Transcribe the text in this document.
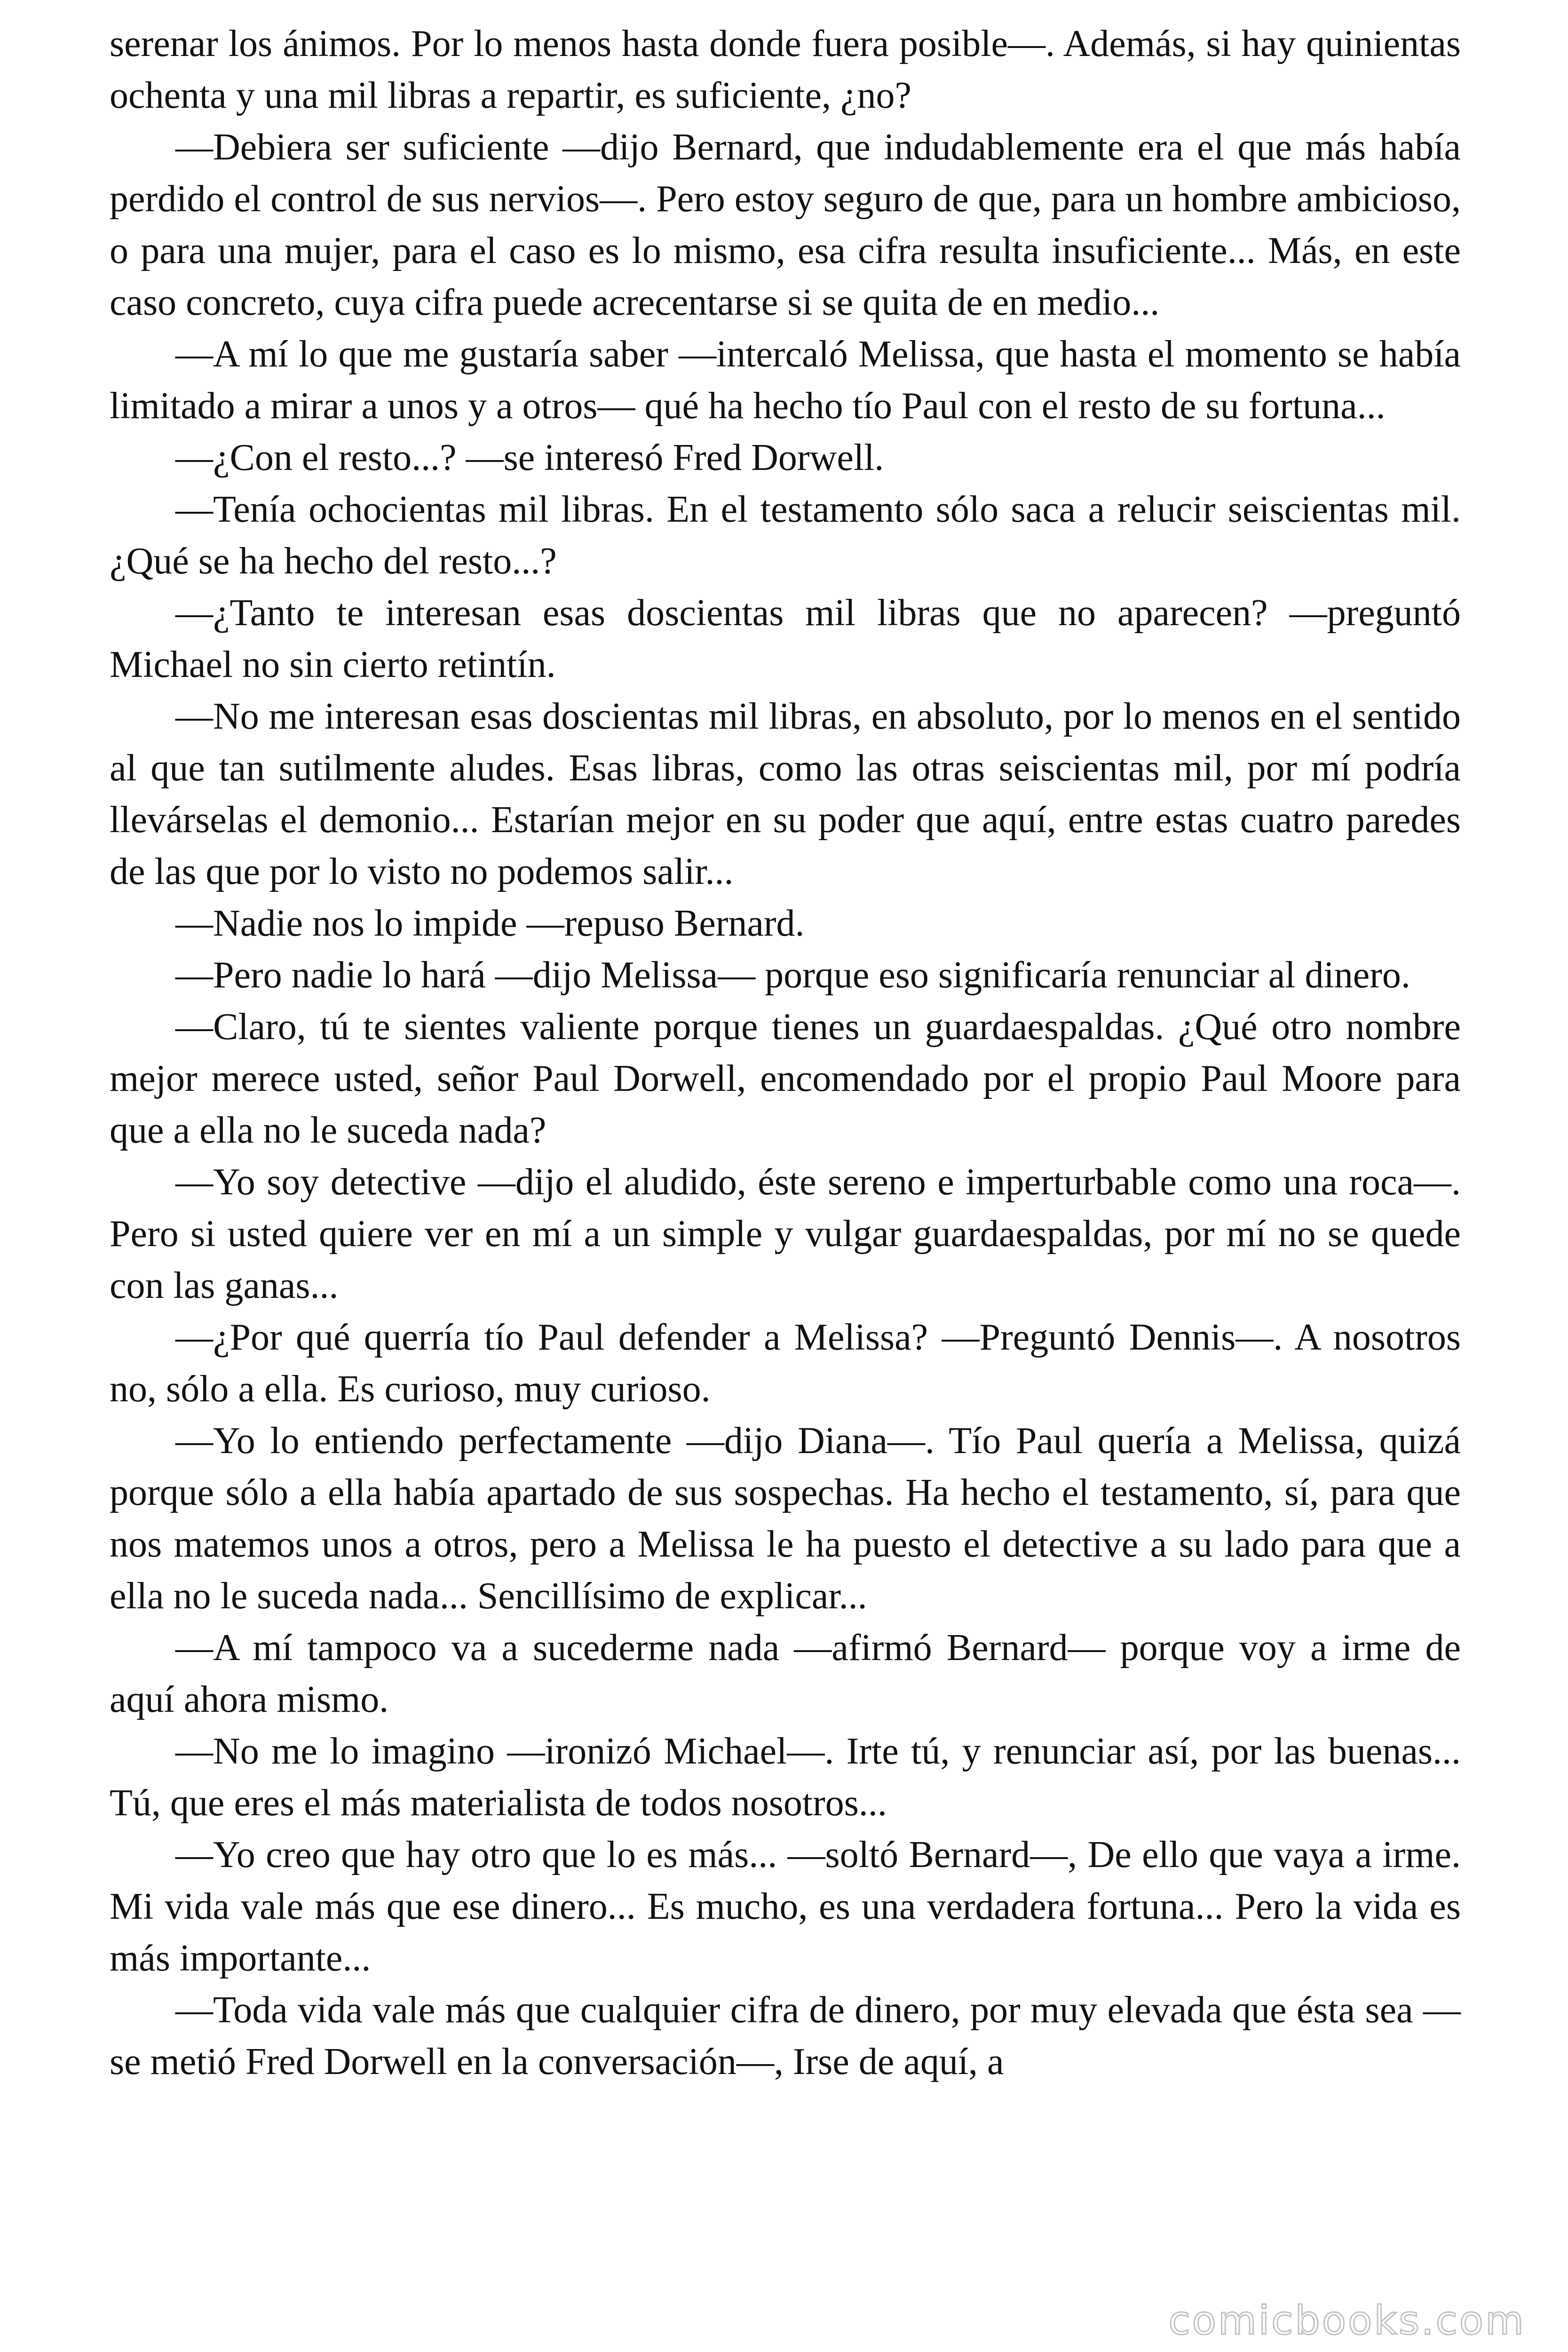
serenar los ánimos. Por lo menos hasta donde fuera posible—. Además, si hay quinientas ochenta y una mil libras a repartir, es suficiente, ¿no?

—Debiera ser suficiente —dijo Bernard, que indudablemente era el que más había perdido el control de sus nervios—. Pero estoy seguro de que, para un hombre ambicioso, o para una mujer, para el caso es lo mismo, esa cifra resulta insuficiente... Más, en este caso concreto, cuya cifra puede acrecentarse si se quita de en medio...

—A mí lo que me gustaría saber —intercaló Melissa, que hasta el momento se había limitado a mirar a unos y a otros— qué ha hecho tío Paul con el resto de su fortuna...

—¿Con el resto...? —se interesó Fred Dorwell.

—Tenía ochocientas mil libras. En el testamento sólo saca a relucir seiscientas mil. ¿Qué se ha hecho del resto...?

—¿Tanto te interesan esas doscientas mil libras que no aparecen? —preguntó Michael no sin cierto retintín.

—No me interesan esas doscientas mil libras, en absoluto, por lo menos en el sentido al que tan sutilmente aludes. Esas libras, como las otras seiscientas mil, por mí podría llevárselas el demonio... Estarían mejor en su poder que aquí, entre estas cuatro paredes de las que por lo visto no podemos salir...

—Nadie nos lo impide —repuso Bernard.

—Pero nadie lo hará —dijo Melissa— porque eso significaría renunciar al dinero.

—Claro, tú te sientes valiente porque tienes un guardaespaldas. ¿Qué otro nombre mejor merece usted, señor Paul Dorwell, encomendado por el propio Paul Moore para que a ella no le suceda nada?

—Yo soy detective —dijo el aludido, éste sereno e imperturbable como una roca—. Pero si usted quiere ver en mí a un simple y vulgar guardaespaldas, por mí no se quede con las ganas...

—¿Por qué querría tío Paul defender a Melissa? —Preguntó Dennis—. A nosotros no, sólo a ella. Es curioso, muy curioso.

—Yo lo entiendo perfectamente —dijo Diana—. Tío Paul quería a Melissa, quizá porque sólo a ella había apartado de sus sospechas. Ha hecho el testamento, sí, para que nos matemos unos a otros, pero a Melissa le ha puesto el detective a su lado para que a ella no le suceda nada... Sencillísimo de explicar...

—A mí tampoco va a sucederme nada —afirmó Bernard— porque voy a irme de aquí ahora mismo.

—No me lo imagino —ironizó Michael—. Irte tú, y renunciar así, por las buenas... Tú, que eres el más materialista de todos nosotros...

—Yo creo que hay otro que lo es más... —soltó Bernard—, De ello que vaya a irme. Mi vida vale más que ese dinero... Es mucho, es una verdadera fortuna... Pero la vida es más importante...

—Toda vida vale más que cualquier cifra de dinero, por muy elevada que ésta sea —se metió Fred Dorwell en la conversación—, Irse de aquí, a

comicbooks.com
